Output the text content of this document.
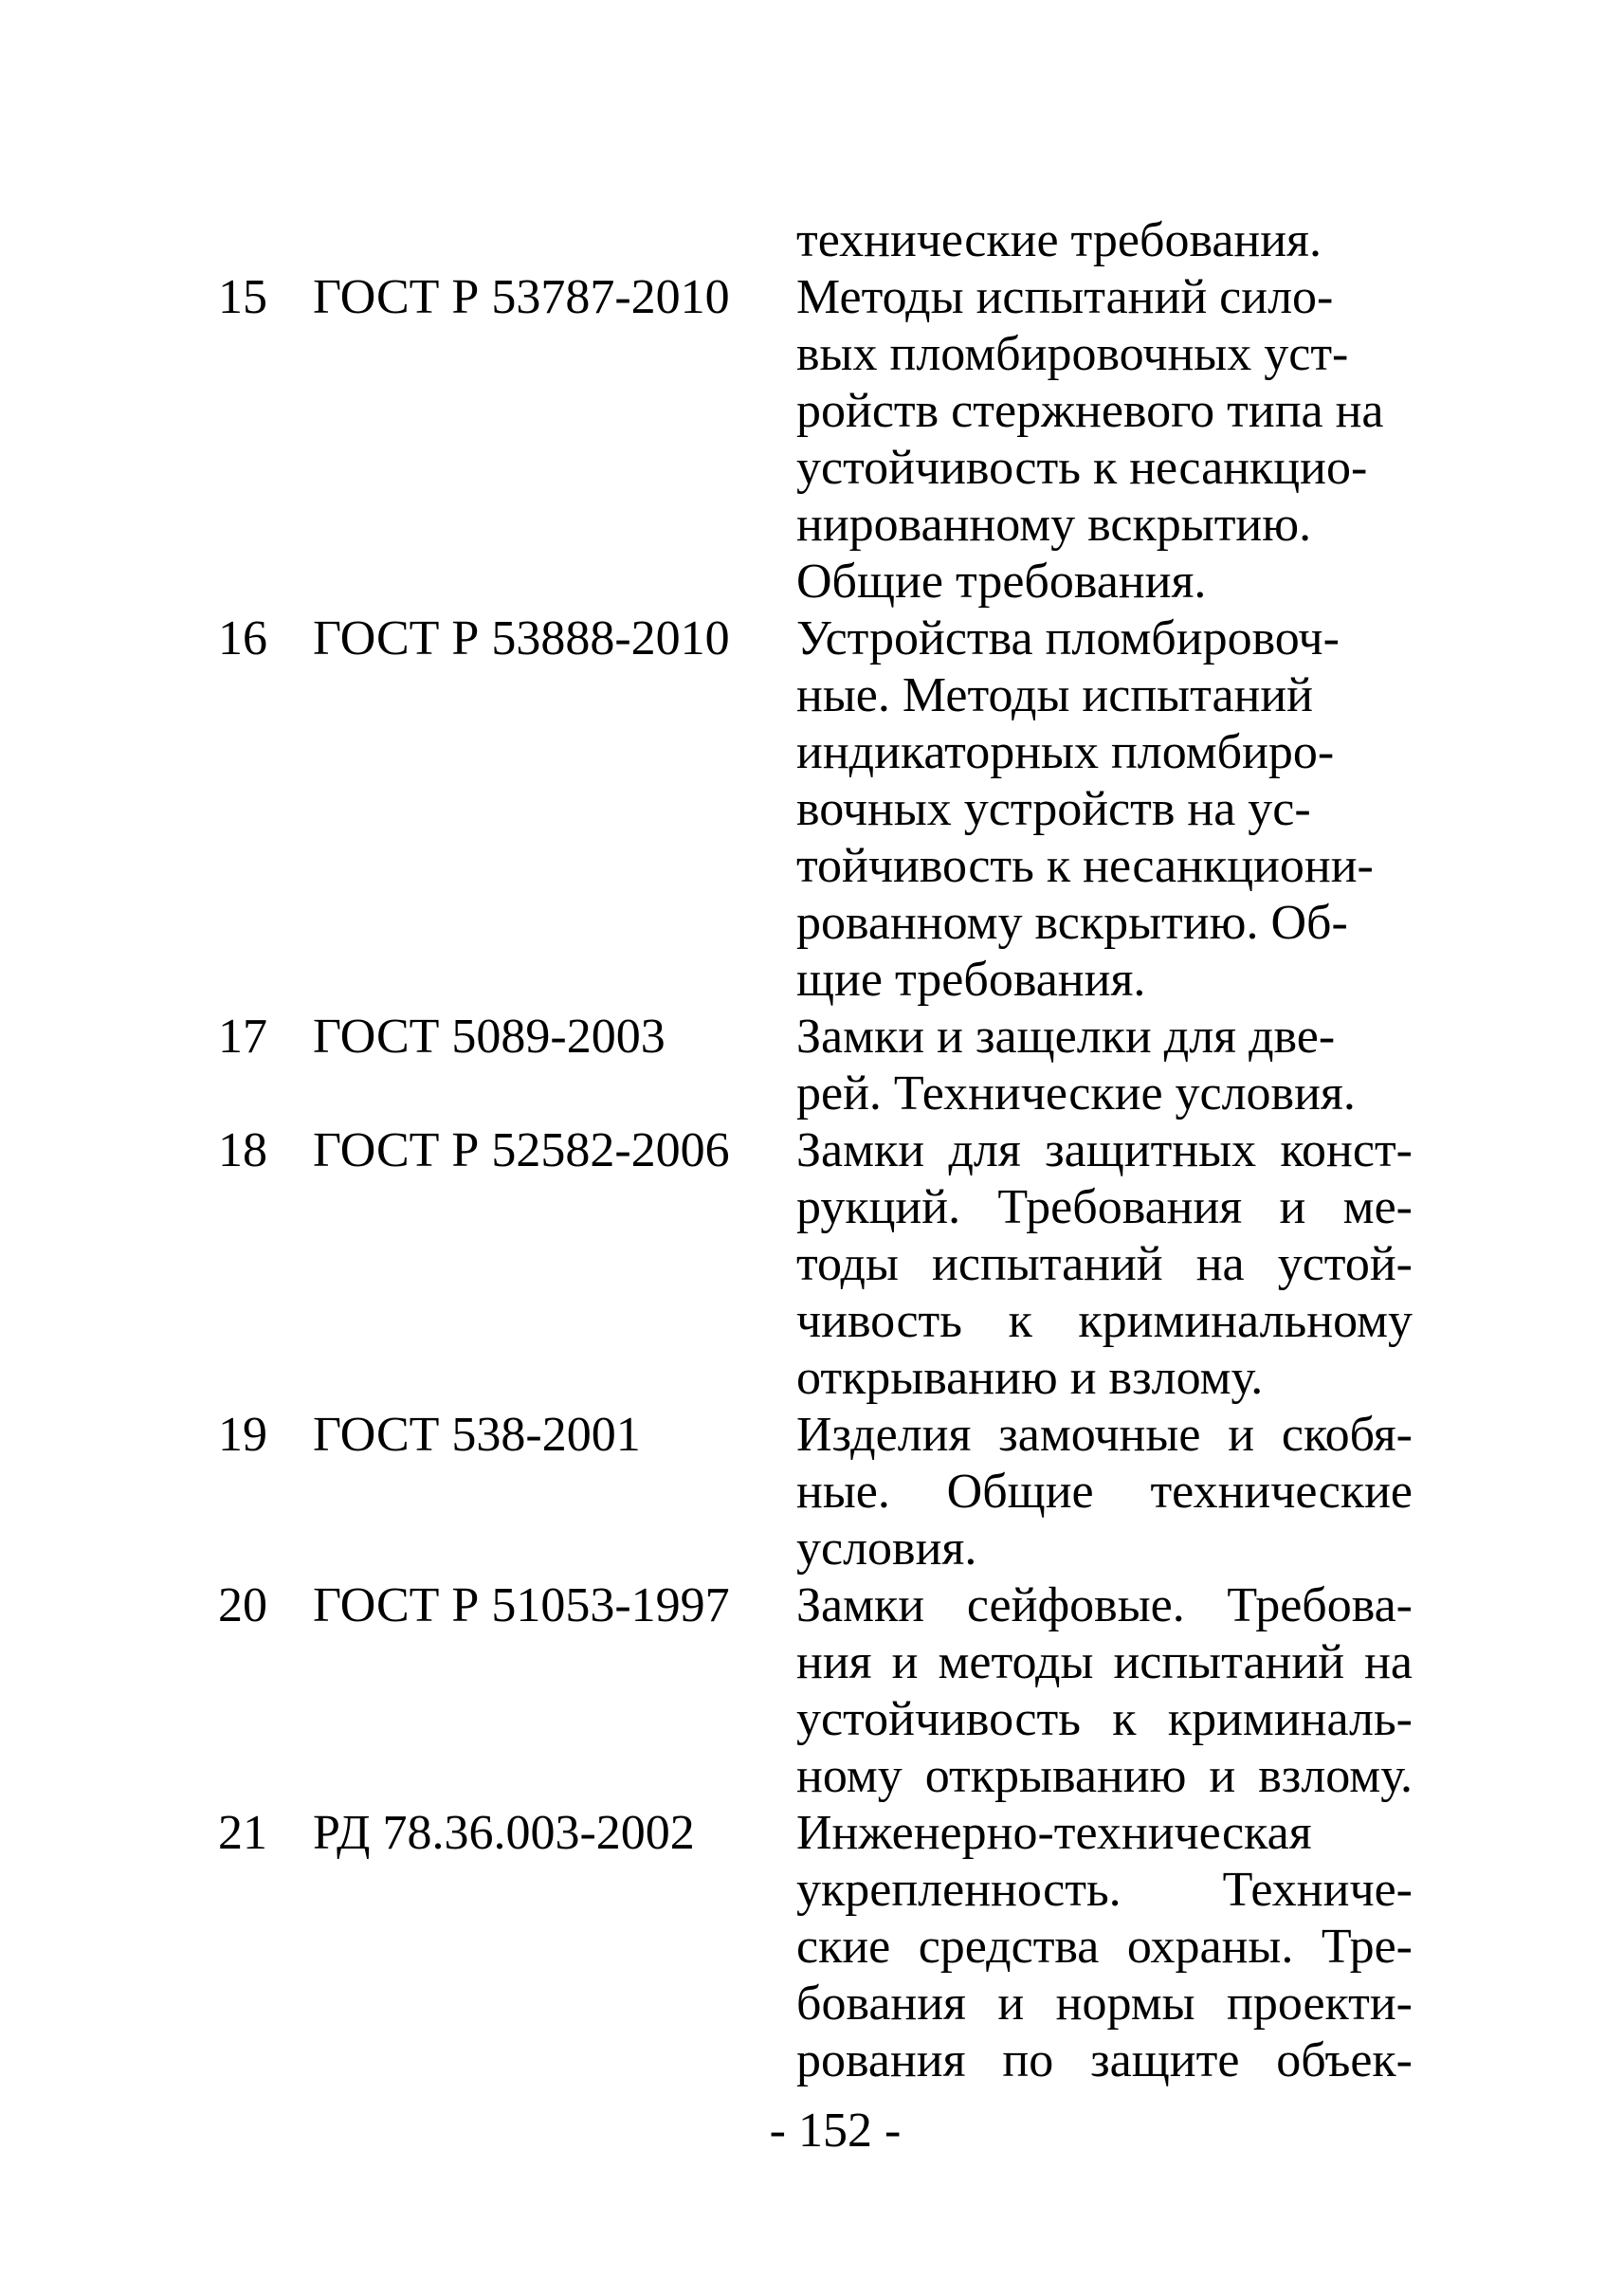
технические требования.
15 ГОСТ Р 53787-2010 Методы испытаний сило-
вых пломбировочных уст-
ройств стержневого типа на
устойчивость к несанкцио-
нированному вскрытию.
Общие требования.
16 ГОСТ Р 53888-2010 Устройства пломбировоч-
ные. Методы испытаний
индикаторных пломбиро-
вочных устройств на ус-
тойчивость к несанкциони-
рованному вскрытию. Об-
щие требования.
17 ГОСТ 5089-2003	Замки и защелки для две-
рей. Технические условия.
18 ГОСТ Р 52582-2006 Замки для защитных конст-
рукций. Требования и ме-
тоды испытаний на устой-
чивость к криминальному
открыванию и взлому.
19 ГОСТ 538-2001	Изделия замочные и скобя-
ные. Общие технические
условия.
20 ГОСТ Р 51053-1997 Замки сейфовые. Требова-
ния и методы испытаний на
устойчивость к криминаль-
ному открыванию и взлому.
21 РД 78.36.003-2002 Инженерно-техническая
укрепленность. Техниче-
ские средства охраны. Тре-
бования и нормы проекти-
рования по защите объек-
- 152 -
